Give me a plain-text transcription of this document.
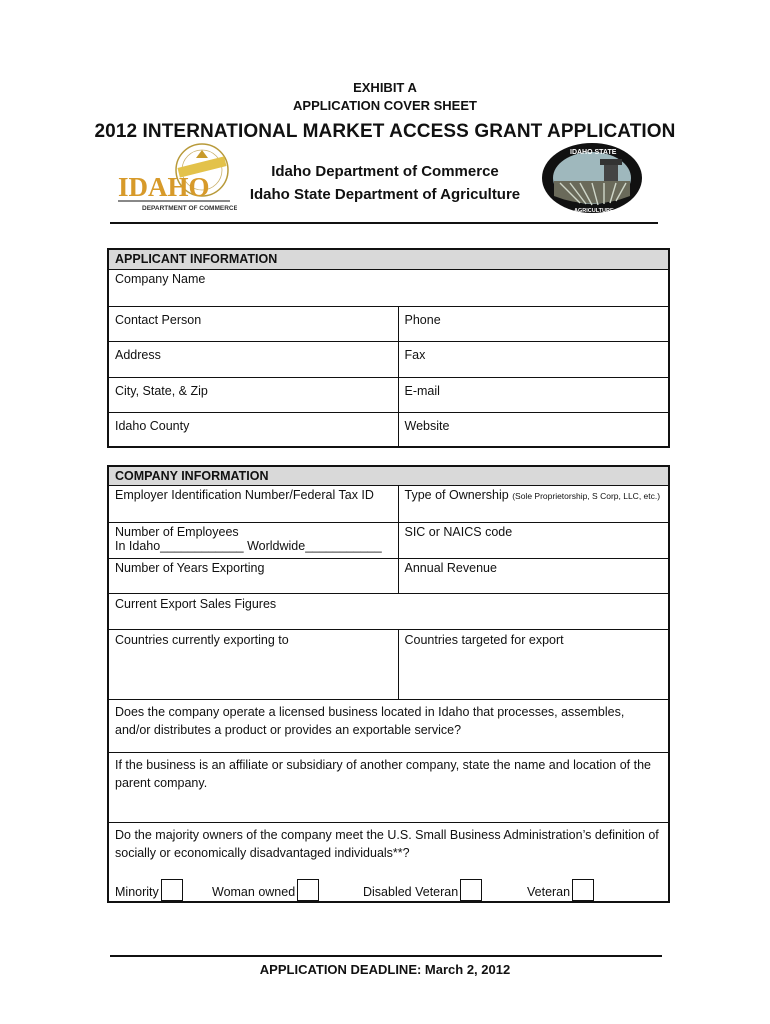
EXHIBIT A
APPLICATION COVER SHEET
2012 INTERNATIONAL MARKET ACCESS GRANT APPLICATION
IDAHO
DEPARTMENT OF COMMERCE
Idaho Department of Commerce
Idaho State Department of Agriculture
IDAHO STATE
AGRICULTURE
APPLICANT INFORMATION	
Company Name	
Contact Person	Phone
Address	Fax
City, State, & Zip	E-mail
Idaho County	Website
COMPANY INFORMATION	
Employer Identification Number/Federal Tax ID	Type of Ownership (Sole Proprietorship, S Corp, LLC, etc.)

Number of Employees
In Idaho____________ Worldwide___________	SIC or NAICS code
Number of Years Exporting	Annual Revenue
Current Export Sales Figures	
Countries currently exporting to	Countries targeted for export
Does the company operate a licensed business located in Idaho that processes, assembles, and/or distributes a product or provides an exportable service?	
If the business is an affiliate or subsidiary of another company, state the name and location of the parent company.	

Do the majority owners of the company meet the U.S. Small Business Administration’s definition of socially or economically disadvantaged individuals**?
Minority Woman owned Disabled Veteran Veteran	
APPLICATION DEADLINE: March 2, 2012
